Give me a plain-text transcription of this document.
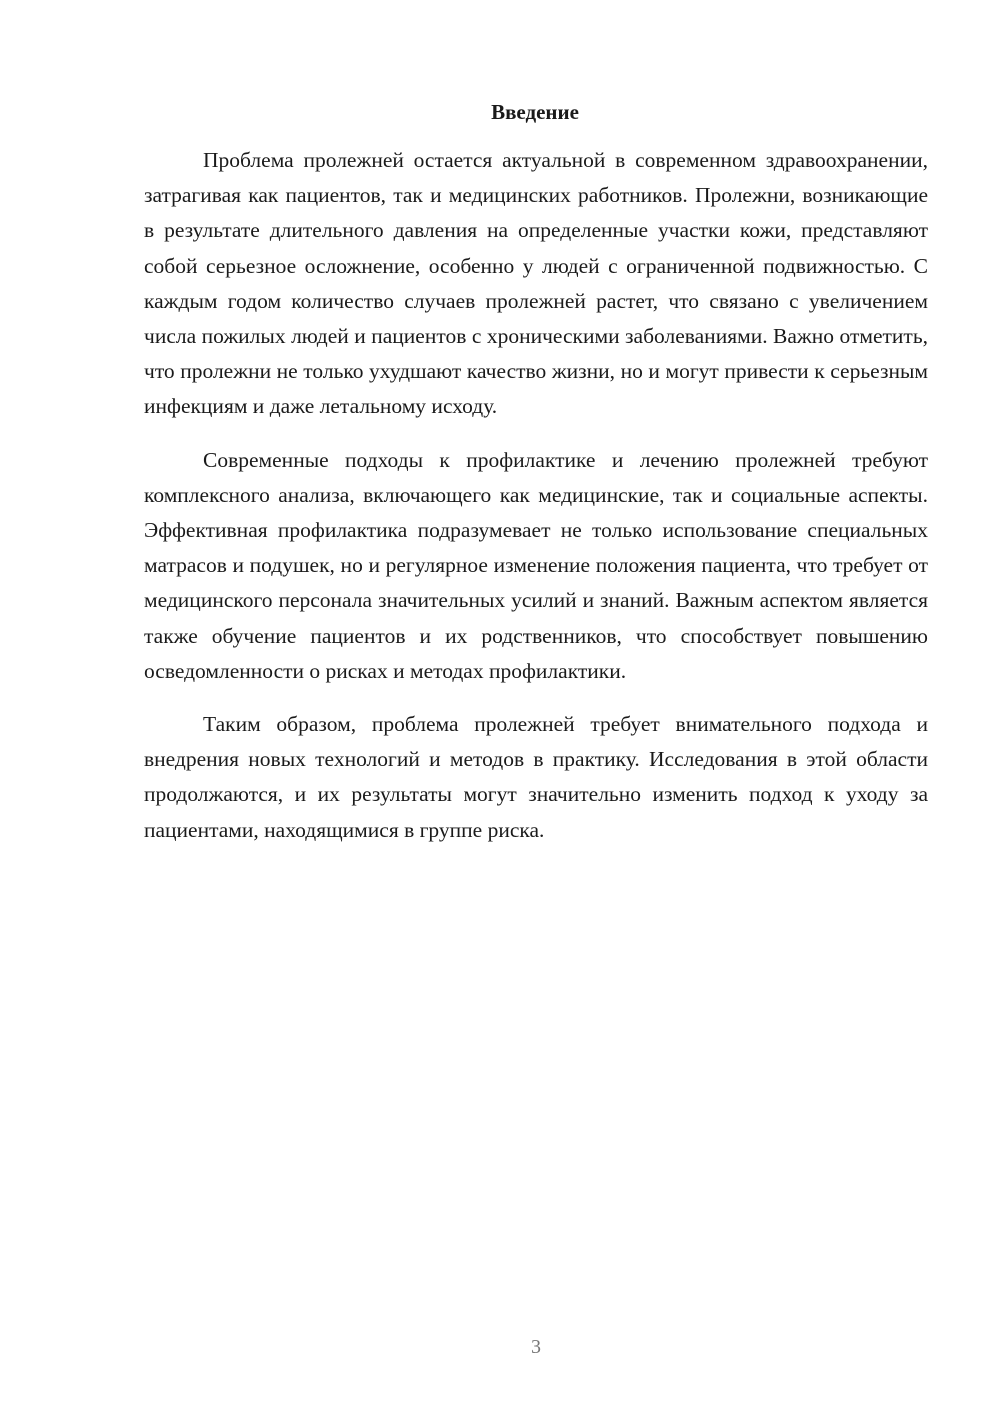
Введение

Проблема пролежней остается актуальной в современном здравоохранении, затрагивая как пациентов, так и медицинских работников. Пролежни, возникающие в результате длительного давления на определенные участки кожи, представляют собой серьезное осложнение, особенно у людей с ограниченной подвижностью. С каждым годом количество случаев пролежней растет, что связано с увеличением числа пожилых людей и пациентов с хроническими заболеваниями. Важно отметить, что пролежни не только ухудшают качество жизни, но и могут привести к серьезным инфекциям и даже летальному исходу.

Современные подходы к профилактике и лечению пролежней требуют комплексного анализа, включающего как медицинские, так и социальные аспекты. Эффективная профилактика подразумевает не только использование специальных матрасов и подушек, но и регулярное изменение положения пациента, что требует от медицинского персонала значительных усилий и знаний. Важным аспектом является также обучение пациентов и их родственников, что способствует повышению осведомленности о рисках и методах профилактики.

Таким образом, проблема пролежней требует внимательного подхода и внедрения новых технологий и методов в практику. Исследования в этой области продолжаются, и их результаты могут значительно изменить подход к уходу за пациентами, находящимися в группе риска.

3
